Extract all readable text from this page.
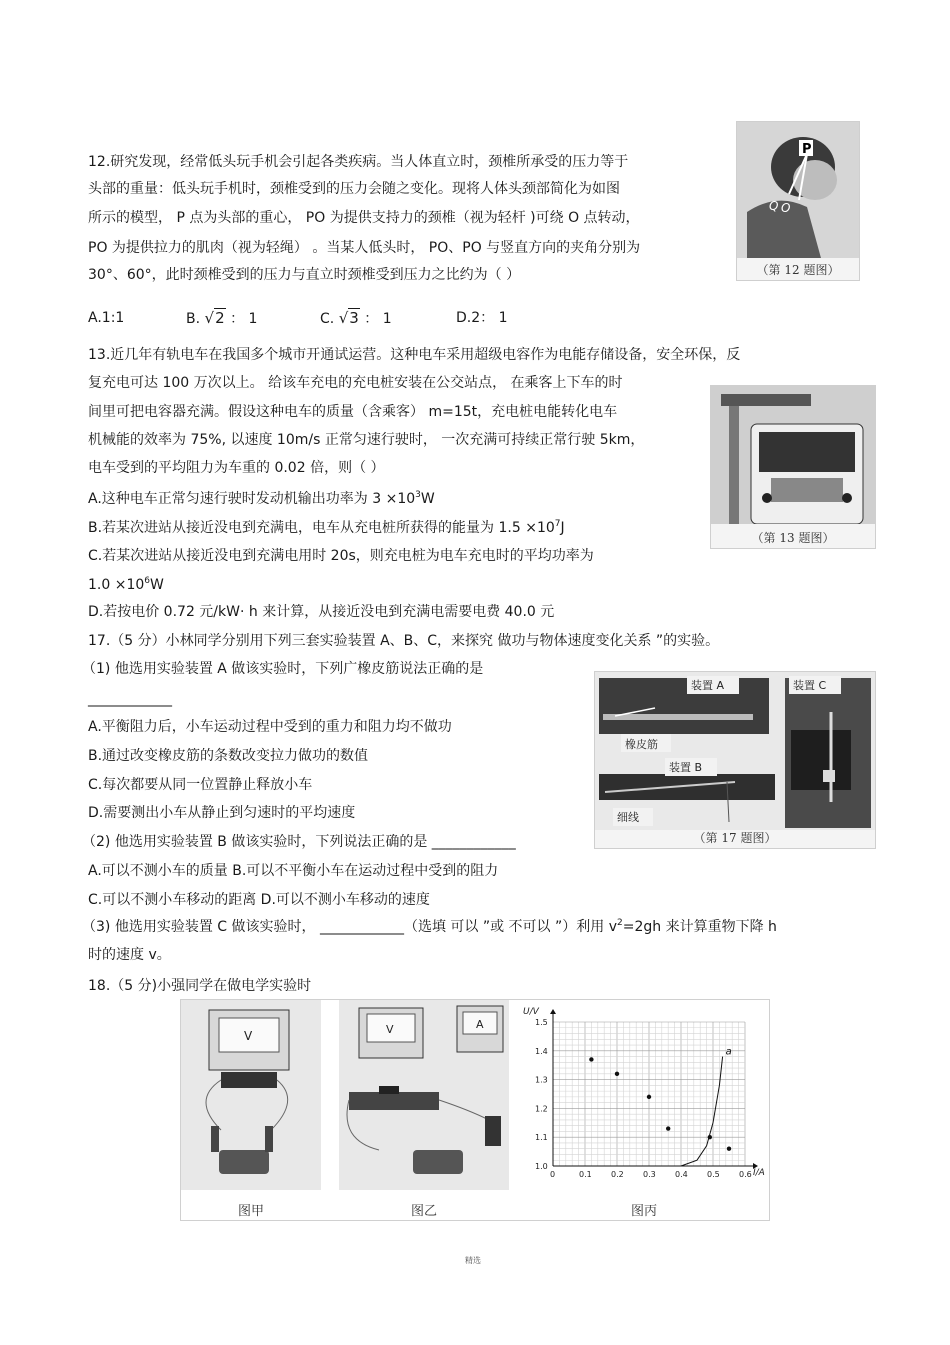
12.研究发现，经常低头玩手机会引起各类疾病。当人体直立时，颈椎所承受的压力等于
头部的重量：低头玩手机时，颈椎受到的压力会随之变化。现将人体头颈部简化为如图
所示的模型， P 点为头部的重心， PO 为提供支持力的颈椎（视为轻杆 )可绕 O 点转动，
PO 为提供拉力的肌肉（视为轻绳） 。当某人低头时， PO、PO 与竖直方向的夹角分别为
30°、60°，此时颈椎受到的压力与直立时颈椎受到压力之比约为（ ）
A.1:1	B. √2 ： 1	C. √3 ： 1	D.2： 1
P
Q O
（第 12 题图）
13.近几年有轨电车在我国多个城市开通试运营。这种电车采用超级电容作为电能存储设备，安全环保，反
复充电可达 100 万次以上。 给该车充电的充电桩安装在公交站点， 在乘客上下车的时
间里可把电容器充满。假设这种电车的质量（含乘客） m=15t，充电桩电能转化电车
机械能的效率为 75%, 以速度 10m/s 正常匀速行驶时， 一次充满可持续正常行驶 5km，
电车受到的平均阻力为车重的 0.02 倍，则（ ）
A.这种电车正常匀速行驶时发动机输出功率为 $3 \times 10^3W$
B.若某次进站从接近没电到充满电，电车从充电桩所获得的能量为 $1.5 \times 10^7J$
C.若某次进站从接近没电到充满电用时 20s，则充电桩为电车充电时的平均功率为
$1.0 \times 10^6W$
D.若按电价 0.72 元/kW· h 来计算，从接近没电到充满电需要电费 40.0 元
（第 13 题图）
17.（5 分）小林同学分别用下列三套实验装置 A、B、C，来探究 做功与物体速度变化关系 ”的实验。
（1) 他选用实验装置 A 做该实验时，下列广橡皮筋说法正确的是
____________
A.平衡阻力后，小车运动过程中受到的重力和阻力均不做功
B.通过改变橡皮筋的条数改变拉力做功的数值
C.每次都要从同一位置静止释放小车
D.需要测出小车从静止到匀速时的平均速度
（2) 他选用实验装置 B 做该实验时，下列说法正确的是 ____________
A.可以不测小车的质量 B.可以不平衡小车在运动过程中受到的阻力
C.可以不测小车移动的距离 D.可以不测小车移动的速度
（3) 他选用实验装置 C 做该实验时， ____________（选填 可以 ”或 不可以 ”）利用 $v^2=2gh$ 来计算重物下降 h
时的速度 v。
装置 A	装置 C
橡皮筋
装置 B
细线
（第 17 题图）
18.（5 分)小强同学在做电学实验时
V	V	A
0	0.1 0.2 0.3 0.4 0.5 0.6
1.0
1.1
1.2
1.3
1.4
1.5
a
U/V
I/A
图甲	图乙	图丙
精选
